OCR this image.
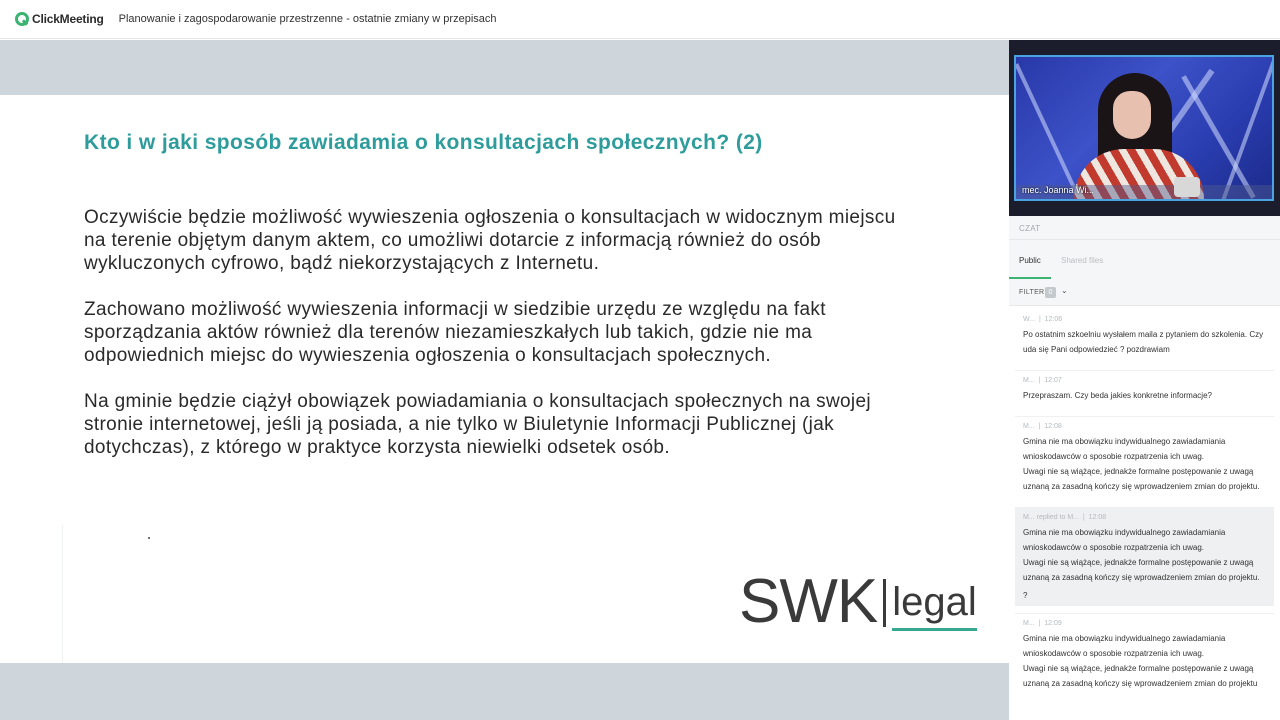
ClickMeeting Planowanie i zagospodarowanie przestrzenne - ostatnie zmiany w przepisach
Kto i w jaki sposób zawiadamia o konsultacjach społecznych? (2)

Oczywiście będzie możliwość wywieszenia ogłoszenia o konsultacjach w widocznym miejscu na terenie objętym danym aktem, co umożliwi dotarcie z informacją również do osób wykluczonych cyfrowo, bądź niekorzystających z Internetu.

Zachowano możliwość wywieszenia informacji w siedzibie urzędu ze względu na fakt sporządzania aktów również dla terenów niezamieszkałych lub takich, gdzie nie ma odpowiednich miejsc do wywieszenia ogłoszenia o konsultacjach społecznych.

Na gminie będzie ciążył obowiązek powiadamiania o konsultacjach społecznych na swojej stronie internetowej, jeśli ją posiada, a nie tylko w Biuletynie Informacji Publicznej (jak dotychczas), z którego w praktyce korzysta niewielki odsetek osób.

SWK legal
mec. Joanna Wi...
CZAT
Public	Shared files
FILTER 0	⌄
W...  |  12:06
Po ostatnim szkoelniu wysłałem maila z pytaniem do szkolenia. Czy uda się Pani odpowiedzieć ? pozdrawiam
M...  |  12:07
Przepraszam. Czy beda jakies konkretne informacje?
M...  |  12:08
Gmina nie ma obowiązku indywidualnego zawiadamiania wnioskodawców o sposobie rozpatrzenia ich uwag.
Uwagi nie są wiążące, jednakże formalne postępowanie z uwagą uznaną za zasadną kończy się wprowadzeniem zmian do projektu.
M... replied to M...  |  12:08
Gmina nie ma obowiązku indywidualnego zawiadamiania wnioskodawców o sposobie rozpatrzenia ich uwag.
Uwagi nie są wiążące, jednakże formalne postępowanie z uwagą uznaną za zasadną kończy się wprowadzeniem zmian do projektu.
?
M...  |  12:09
Gmina nie ma obowiązku indywidualnego zawiadamiania wnioskodawców o sposobie rozpatrzenia ich uwag.
Uwagi nie są wiążące, jednakże formalne postępowanie z uwagą uznaną za zasadną kończy się wprowadzeniem zmian do projektu
